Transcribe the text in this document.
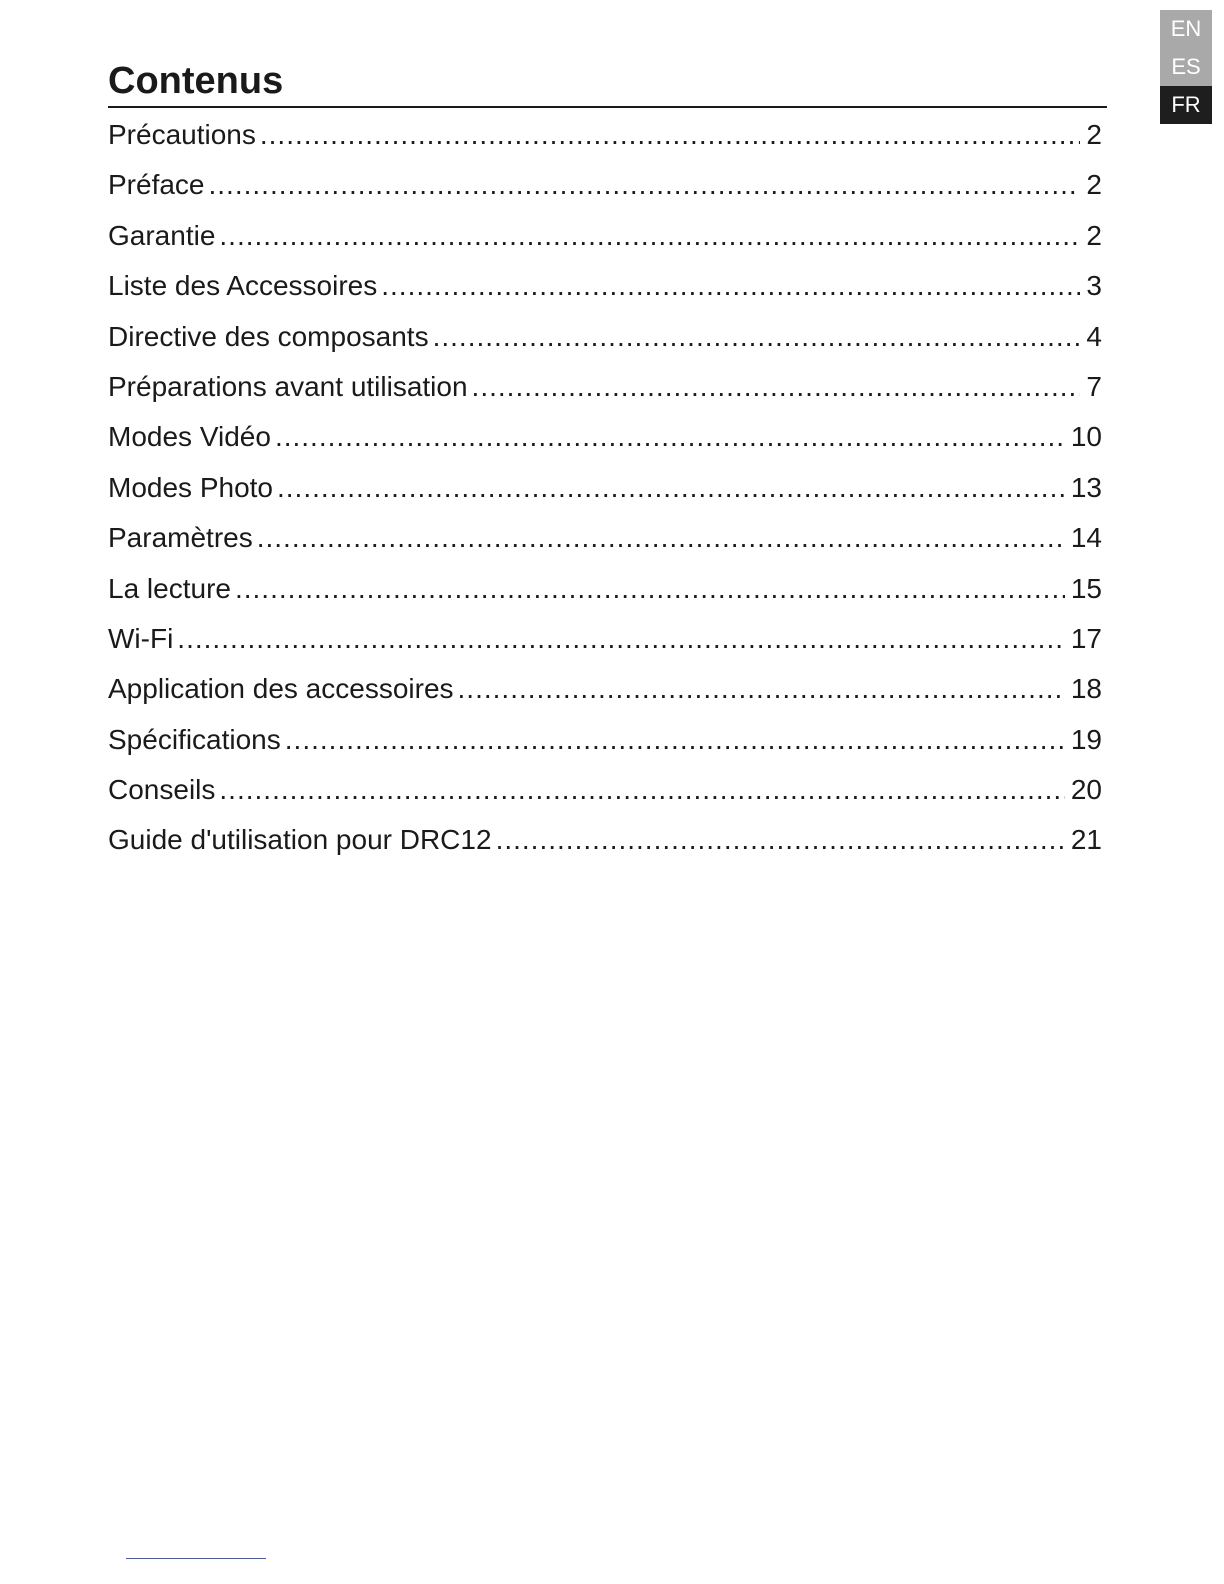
EN
ES
FR
Contenus
Précautions .....	2
Préface .....	2
Garantie .....	2
Liste des Accessoires .....	3
Directive des composants .....	4
Préparations avant utilisation .....	7
Modes Vidéo .....	10
Modes Photo .....	13
Paramètres .....	14
La lecture .....	15
Wi-Fi .....	17
Application des accessoires .....	18
Spécifications .....	19
Conseils .....	20
Guide d'utilisation pour DRC12 .....	21
